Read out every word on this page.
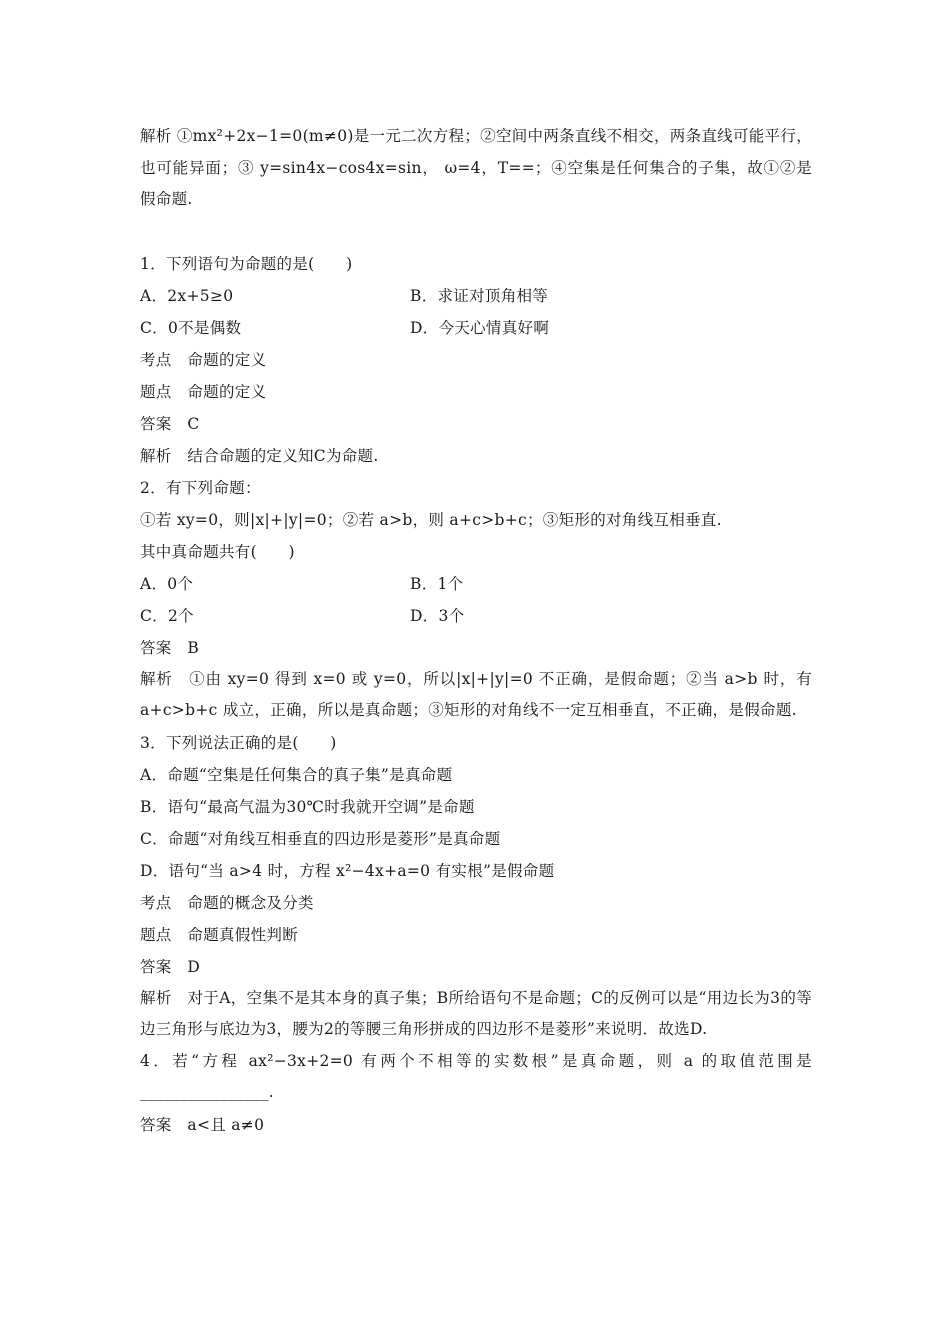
解析 ①mx²+2x−1=0(m≠0)是一元二次方程；②空间中两条直线不相交，两条直线可能平行，也可能异面；③ y=sin4x−cos4x=sin， ω=4，T==；④空集是任何集合的子集，故①②是假命题.
1．下列语句为命题的是(　　)
A．2x+5≥0	B．求证对顶角相等
C．0不是偶数	D．今天心情真好啊
考点　命题的定义
题点　命题的定义
答案　C
解析　结合命题的定义知C为命题.
2．有下列命题：
①若 xy=0，则|x|+|y|=0；②若 a>b，则 a+c>b+c；③矩形的对角线互相垂直.
其中真命题共有(　　)
A．0个	B．1个
C．2个	D．3个
答案　B
解析　①由 xy=0 得到 x=0 或 y=0，所以|x|+|y|=0 不正确，是假命题；②当 a>b 时，有 a+c>b+c 成立，正确，所以是真命题；③矩形的对角线不一定互相垂直，不正确，是假命题.
3．下列说法正确的是(　　)
A．命题“空集是任何集合的真子集”是真命题
B．语句“最高气温为30℃时我就开空调”是命题
C．命题“对角线互相垂直的四边形是菱形”是真命题
D．语句“当 a>4 时，方程 x²−4x+a=0 有实根”是假命题
考点　命题的概念及分类
题点　命题真假性判断
答案　D
解析　对于A，空集不是其本身的真子集；B所给语句不是命题；C的反例可以是“用边长为3的等边三角形与底边为3，腰为2的等腰三角形拼成的四边形不是菱形”来说明．故选D.
4．若“方程 ax²−3x+2=0 有两个不相等的实数根”是真命题，则 a 的取值范围是________________.
答案　a<且 a≠0
